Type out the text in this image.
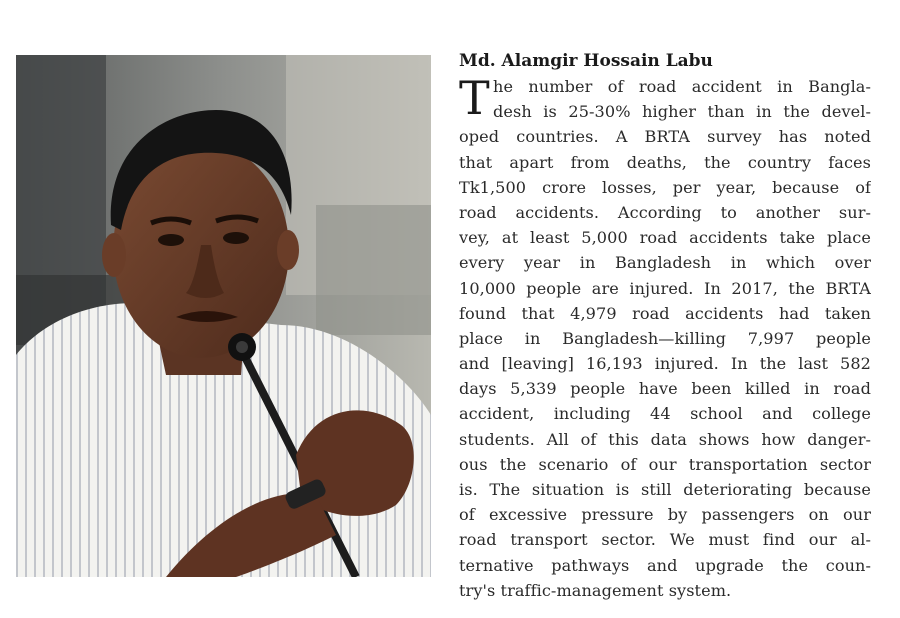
Md. Alamgir Hossain Labu
T he number of road accident in Bangla-
desh is 25-30% higher than in the devel-
oped countries. A BRTA survey has noted
that apart from deaths, the country faces
Tk1,500 crore losses, per year, because of
road accidents. According to another sur-
vey, at least 5,000 road accidents take place
every year in Bangladesh in which over
10,000 people are injured. In 2017, the BRTA
found that 4,979 road accidents had taken
place in Bangladesh—killing 7,997 people
and [leaving] 16,193 injured. In the last 582
days 5,339 people have been killed in road
accident, including 44 school and college
students. All of this data shows how danger-
ous the scenario of our transportation sector
is. The situation is still deteriorating because
of excessive pressure by passengers on our
road transport sector. We must find our al-
ternative pathways and upgrade the coun-
try's traffic-management system.
